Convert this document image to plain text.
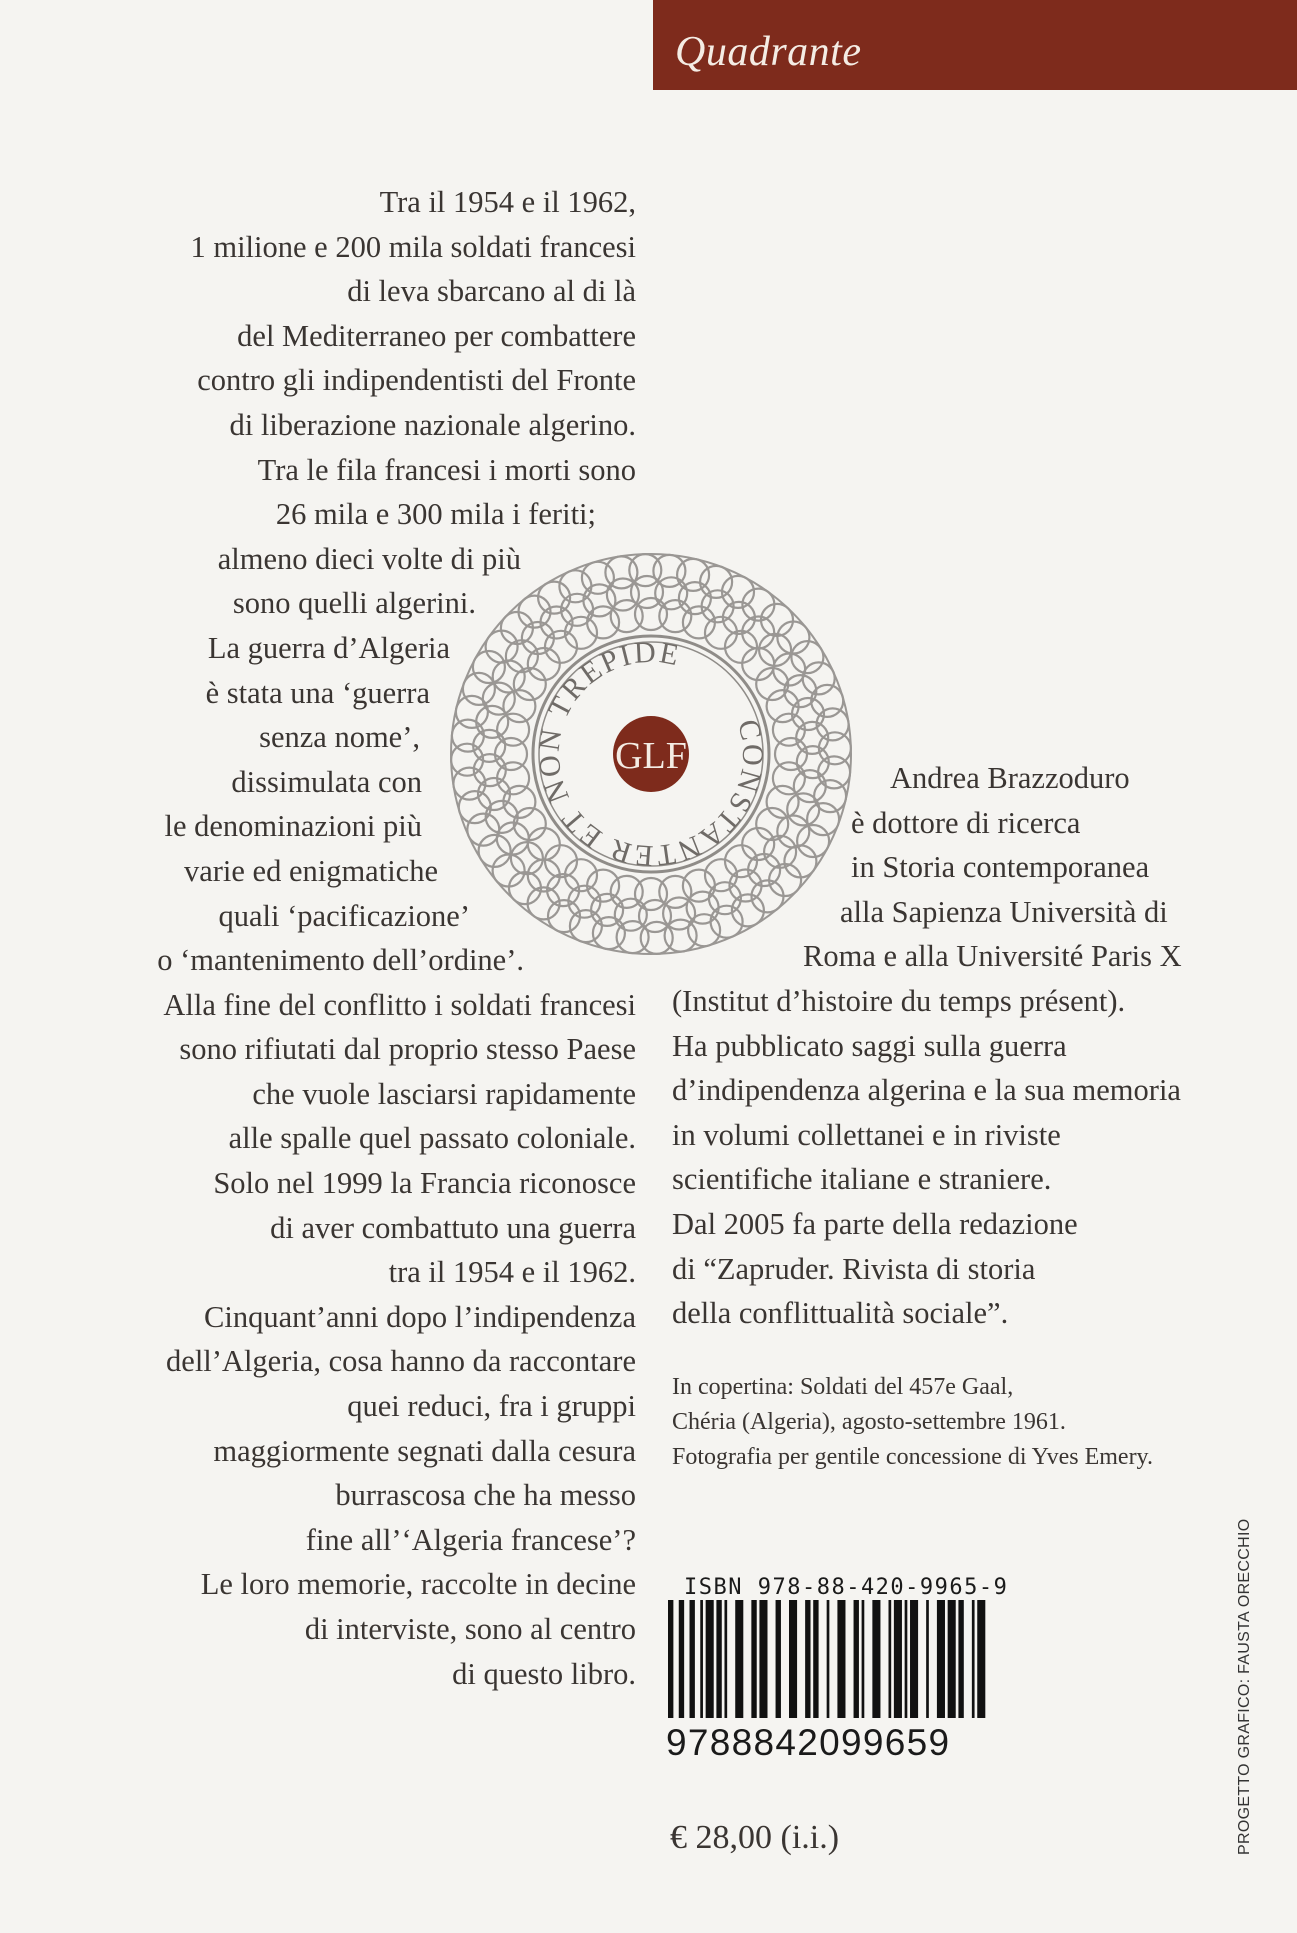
Quadrante
Tra il 1954 e il 1962,
1 milione e 200 mila soldati francesi
di leva sbarcano al di là
del Mediterraneo per combattere
contro gli indipendentisti del Fronte
di liberazione nazionale algerino.
Tra le fila francesi i morti sono
26 mila e 300 mila i feriti;
almeno dieci volte di più
sono quelli algerini.
La guerra d’Algeria
è stata una ‘guerra
senza nome’,
dissimulata con
le denominazioni più
varie ed enigmatiche
quali ‘pacificazione’
o ‘mantenimento dell’ordine’.
Alla fine del conflitto i soldati francesi
sono rifiutati dal proprio stesso Paese
che vuole lasciarsi rapidamente
alle spalle quel passato coloniale.
Solo nel 1999 la Francia riconosce
di aver combattuto una guerra
tra il 1954 e il 1962.
Cinquant’anni dopo l’indipendenza
dell’Algeria, cosa hanno da raccontare
quei reduci, fra i gruppi
maggiormente segnati dalla cesura
burrascosa che ha messo
fine all’‘Algeria francese’?
Le loro memorie, raccolte in decine
di interviste, sono al centro
di questo libro.
CONSTANTER ET NON TREPIDE
GLF
Andrea Brazzoduro
è dottore di ricerca
in Storia contemporanea
alla Sapienza Università di
Roma e alla Université Paris X
(Institut d’histoire du temps présent).
Ha pubblicato saggi sulla guerra
d’indipendenza algerina e la sua memoria
in volumi collettanei e in riviste
scientifiche italiane e straniere.
Dal 2005 fa parte della redazione
di “Zapruder. Rivista di storia
della conflittualità sociale”.
In copertina: Soldati del 457e Gaal,
Chéria (Algeria), agosto-settembre 1961.
Fotografia per gentile concessione di Yves Emery.
ISBN 978-88-420-9965-9
9788842099659
€ 28,00 (i.i.)	PROGETTO GRAFICO: FAUSTA ORECCHIO
